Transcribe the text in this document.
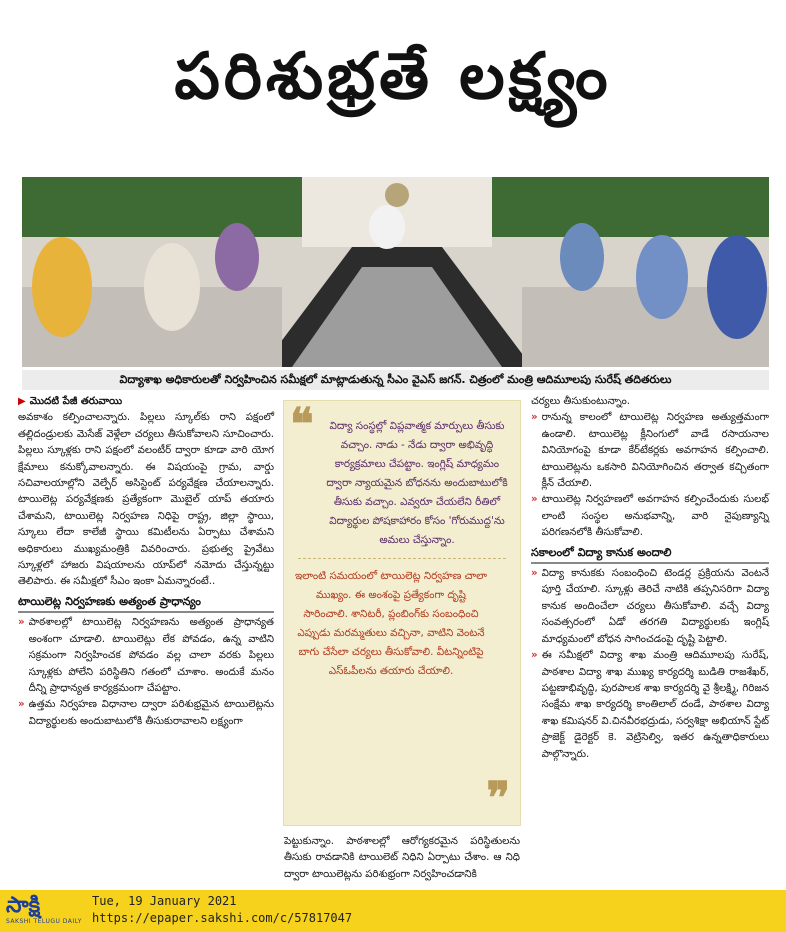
పరిశుభ్రతే లక్ష్యం
విద్యాశాఖ అధికారులతో నిర్వహించిన సమీక్షలో మాట్లాడుతున్న సీఎం వైఎస్‌ జగన్‌. చిత్రంలో మంత్రి ఆదిమూలపు సురేష్‌ తదితరులు
▶ మొదటి పేజీ తరువాయి

అవకాశం కల్పించాలన్నారు. పిల్లలు స్కూల్‌కు రాని పక్షంలో తల్లిదండ్రులకు మెసేజ్‌ వెళ్లేలా చర్యలు తీసుకోవాలని సూచించారు. పిల్లలు స్కూళ్లకు రాని పక్షంలో వలంటీర్‌ ద్వారా కూడా వారి యోగ క్షేమాలు కనుక్కోవాలన్నారు. ఈ విషయంపై గ్రామ, వార్డు సచివాలయాల్లోని వెల్ఫేర్‌ అసిస్టెంట్‌ పర్యవేక్షణ చేయాలన్నారు. టాయిలెట్ల పర్యవేక్షణకు ప్రత్యేకంగా మొబైల్‌ యాప్‌ తయారు చేశామని, టాయిలెట్ల నిర్వహణ నిధిపై రాష్ట్ర, జిల్లా స్థాయి, స్కూలు లేదా కాలేజీ స్థాయి కమిటీలను ఏర్పాటు చేశామని అధికారులు ముఖ్యమంత్రికి వివరించారు. ప్రభుత్వ ప్రైవేటు స్కూళ్లలో హాజరు విషయాలను యాప్‌లో నమోదు చేస్తున్నట్టు తెలిపారు. ఈ సమీక్షలో సీఎం ఇంకా ఏమన్నారంటే..

టాయిలెట్ల నిర్వహణకు అత్యంత ప్రాధాన్యం
» పాఠశాలల్లో టాయిలెట్ల నిర్వహణను అత్యంత ప్రాధాన్యత అంశంగా చూడాలి. టాయిలెట్లు లేక పోవడం, ఉన్న వాటిని సక్రమంగా నిర్వహించక పోవడం వల్ల చాలా వరకు పిల్లలు స్కూళ్లకు పోలేని పరిస్థితిని గతంలో చూశాం. అందుకే మనం దీన్ని ప్రాధాన్యత కార్యక్రమంగా చేపట్టాం.
» ఉత్తమ నిర్వహణ విధానాల ద్వారా పరిశుభ్రమైన టాయిలెట్లను విద్యార్థులకు అందుబాటులోకి తీసుకురావాలని లక్ష్యంగా
❝	విద్యా సంస్థల్లో విప్లవాత్మక మార్పులు తీసుకు వచ్చాం. నాడు - నేడు ద్వారా అభివృద్ధి కార్యక్రమాలు చేపట్టాం. ఇంగ్లిష్‌ మాధ్యమం ద్వారా న్యాయమైన బోధనను అందుబాటులోకి తీసుకు వచ్చాం. ఎవ్వరూ చేయలేని రీతిలో విద్యార్థుల పోషకాహారం కోసం 'గోరుముద్ద'ను అమలు చేస్తున్నాం.
ఇలాంటి సమయంలో టాయిలెట్ల నిర్వహణ చాలా ముఖ్యం. ఈ అంశంపై ప్రత్యేకంగా దృష్టి సారించాలి. శానిటరీ, ప్లంబింగ్‌కు సంబంధించి ఎప్పుడు మరమ్మతులు వచ్చినా, వాటిని వెంటనే బాగు చేసేలా చర్యలు తీసుకోవాలి. వీటన్నింటిపై ఎస్‌ఓపీలను తయారు చేయాలి.
❞

పెట్టుకున్నాం. పాఠశాలల్లో ఆరోగ్యకరమైన పరిస్థితులను తీసుకు రావడానికి టాయిలెట్‌ నిధిని ఏర్పాటు చేశాం. ఆ నిధి ద్వారా టాయిలెట్లను పరిశుభ్రంగా నిర్వహించడానికి

చర్యలు తీసుకుంటున్నాం.

» రానున్న కాలంలో టాయిలెట్ల నిర్వహణ అత్యుత్తమంగా ఉండాలి. టాయిలెట్ల క్లీనింగులో వాడే రసాయనాల వినియోగంపై కూడా కేర్‌టేకర్లకు అవగాహన కల్పించాలి. టాయిలెట్లను ఒకసారి వినియోగించిన తర్వాత కచ్చితంగా క్లీన్‌ చేయాలి.
» టాయిలెట్ల నిర్వహణలో అవగాహన కల్పించేందుకు సులభ్‌ లాంటి సంస్థల అనుభవాన్ని, వారి నైపుణ్యాన్ని పరిగణనలోకి తీసుకోవాలి.
సకాలంలో విద్యా కానుక అందాలి
» విద్యా కానుకకు సంబంధించి టెండర్ల ప్రక్రియను వెంటనే పూర్తి చేయాలి. స్కూళ్లు తెరిచే నాటికి తప్పనిసరిగా విద్యా కానుక అందించేలా చర్యలు తీసుకోవాలి. వచ్చే విద్యా సంవత్సరంలో ఏడో తరగతి విద్యార్థులకు ఇంగ్లిష్‌ మాధ్యమంలో బోధన సాగించడంపై దృష్టి పెట్టాలి.
» ఈ సమీక్షలో విద్యా శాఖ మంత్రి ఆదిమూలపు సురేష్‌, పాఠశాల విద్యా శాఖ ముఖ్య కార్యదర్శి బుడితి రాజశేఖర్‌, పట్టణాభివృద్ధి, పురపాలక శాఖ కార్యదర్శి వై శ్రీలక్ష్మి, గిరిజన సంక్షేమ శాఖ కార్యదర్శి కాంతిలాల్‌ దండే, పాఠశాల విద్యా శాఖ కమిషనర్‌ వి.చినవీరభద్రుడు, సర్వశిక్షా అభియాన్‌ స్టేట్‌ ప్రాజెక్ట్‌ డైరెక్టర్‌ కె. వెట్రిసెల్వి, ఇతర ఉన్నతాధికారులు పాల్గొన్నారు.
సాక్షి
SAKSHI TELUGU DAILY
Tue, 19 January 2021
https://epaper.sakshi.com/c/57817047
